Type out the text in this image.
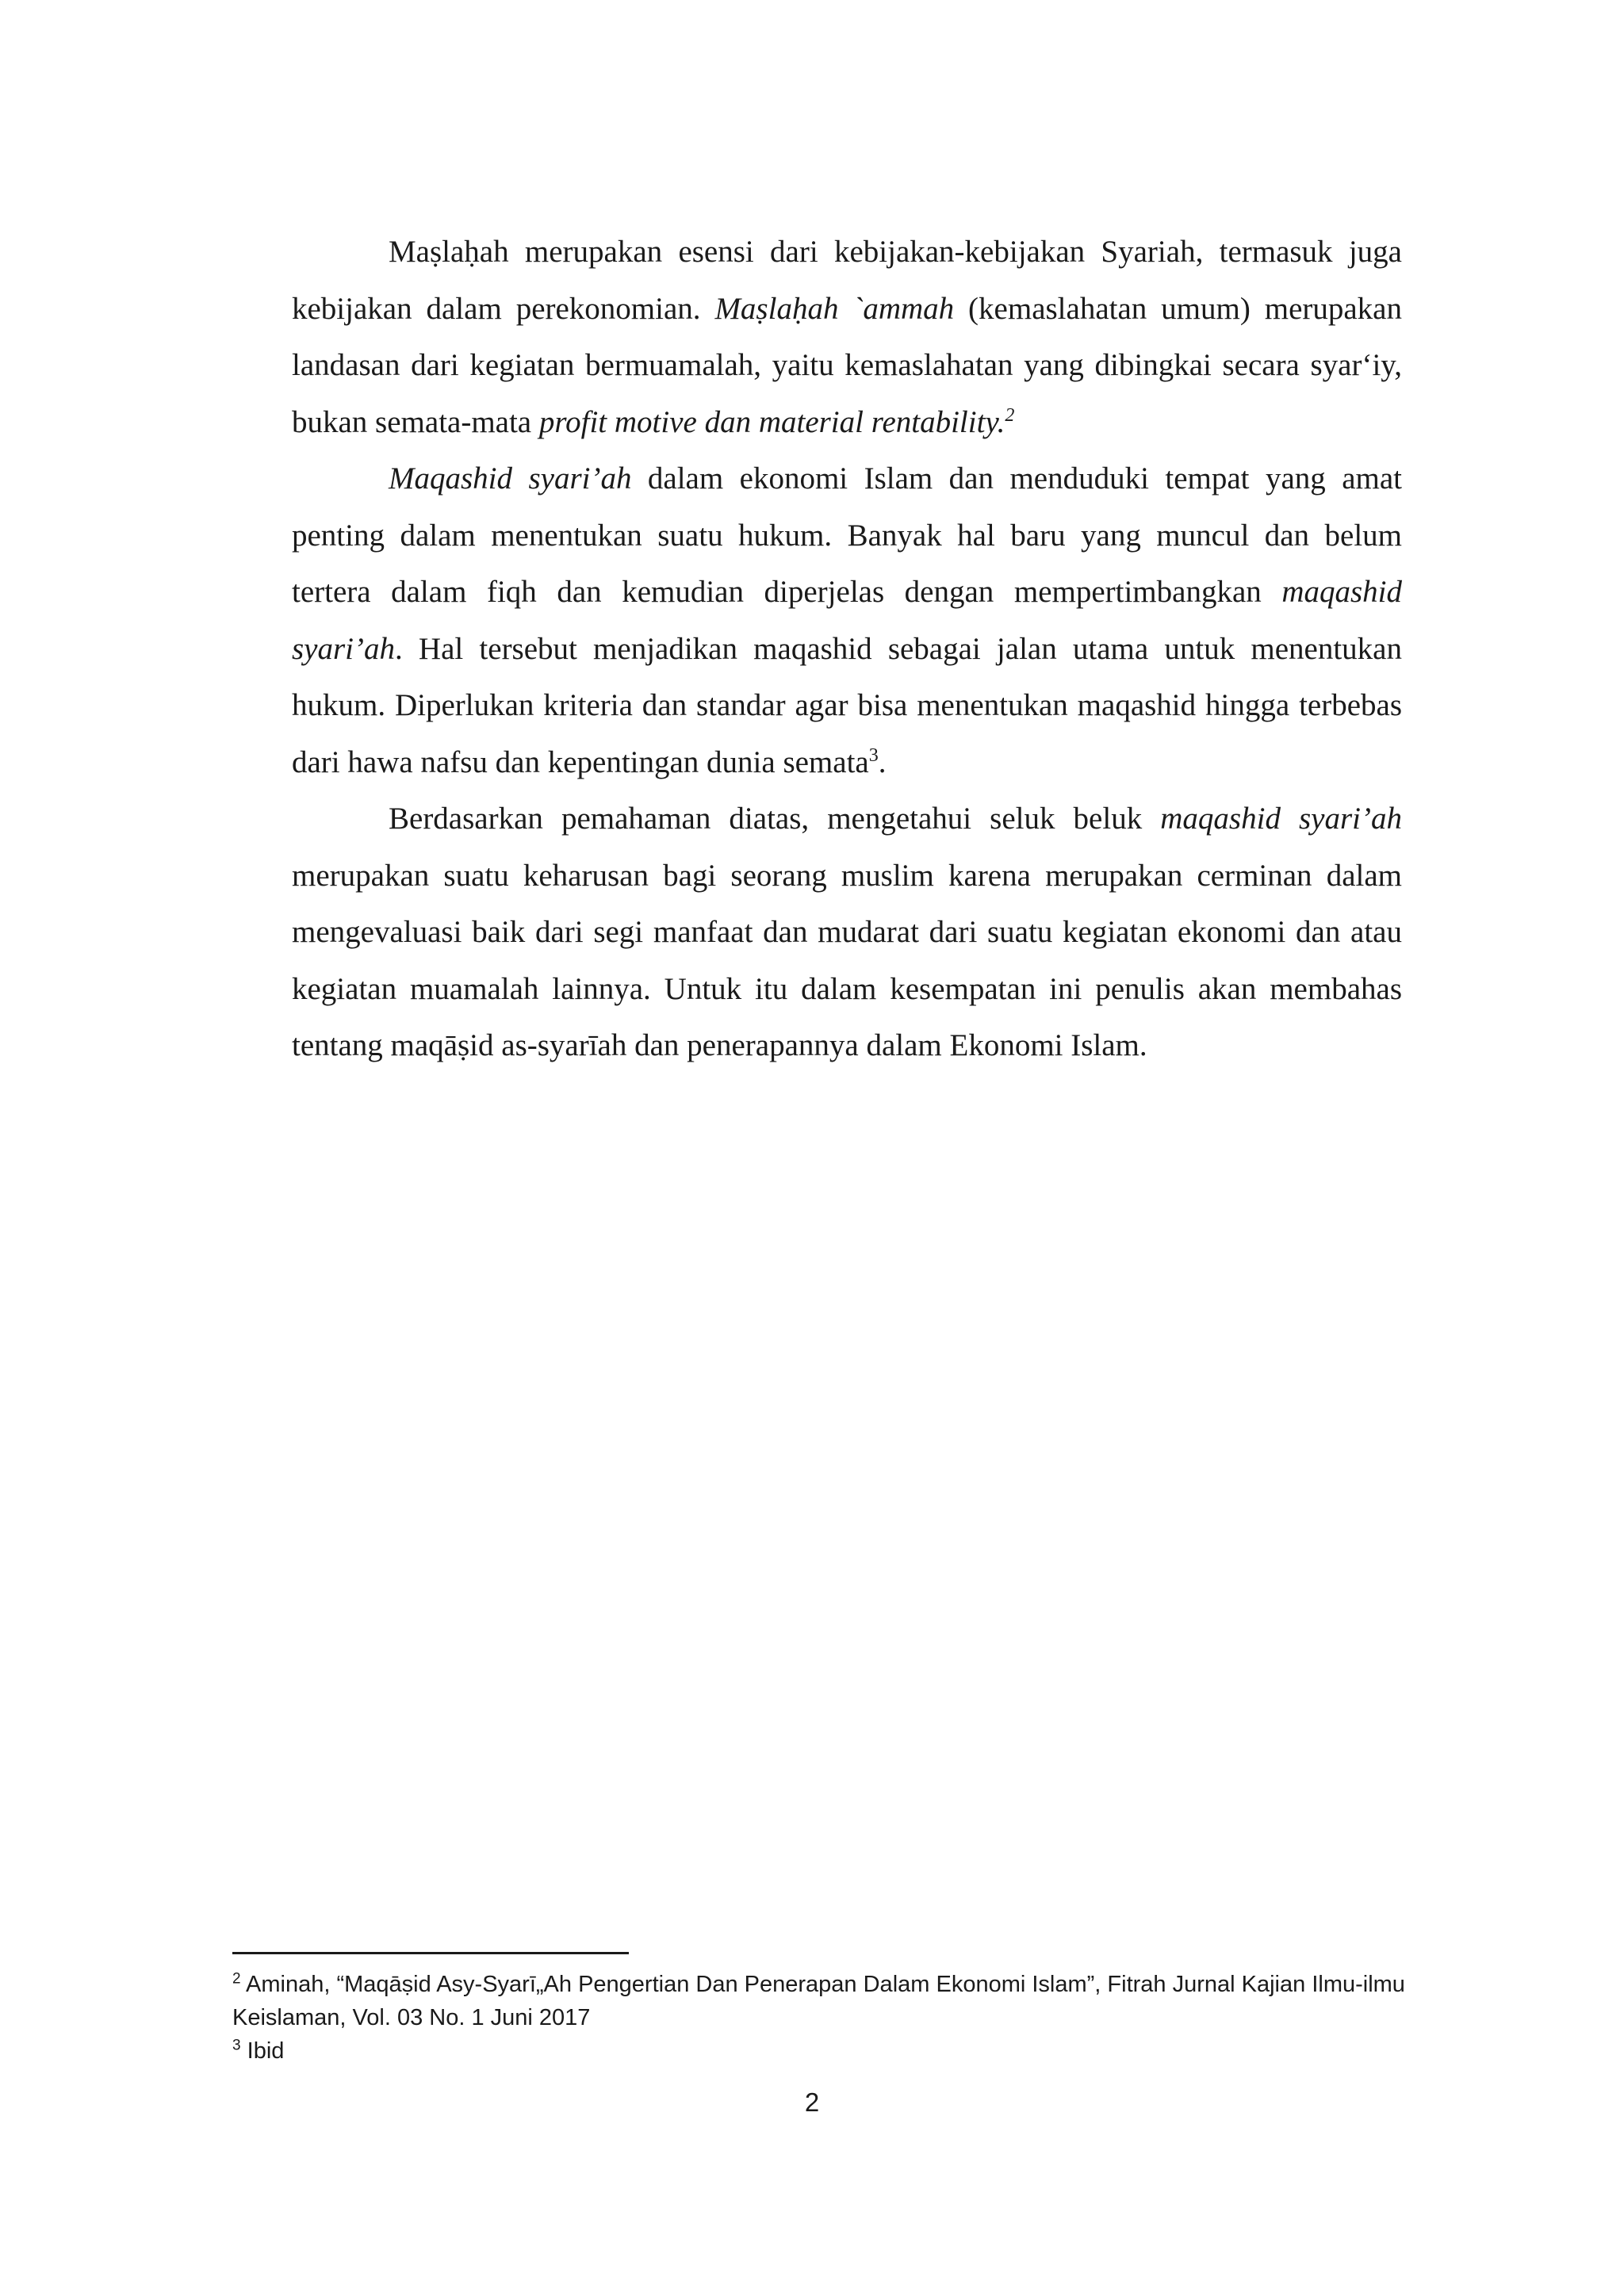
Maṣlaḥah merupakan esensi dari kebijakan-kebijakan Syariah, termasuk juga kebijakan dalam perekonomian. Maṣlaḥah `ammah (kemaslahatan umum) merupakan landasan dari kegiatan bermuamalah, yaitu kemaslahatan yang dibingkai secara syar‘iy, bukan semata-mata profit motive dan material rentability.$^2$

Maqashid syari’ah dalam ekonomi Islam dan menduduki tempat yang amat penting dalam menentukan suatu hukum. Banyak hal baru yang muncul dan belum tertera dalam fiqh dan kemudian diperjelas dengan mempertimbangkan maqashid syari’ah. Hal tersebut menjadikan maqashid sebagai jalan utama untuk menentukan hukum. Diperlukan kriteria dan standar agar bisa menentukan maqashid hingga terbebas dari hawa nafsu dan kepentingan dunia semata$^3$.

Berdasarkan pemahaman diatas, mengetahui seluk beluk maqashid syari’ah merupakan suatu keharusan bagi seorang muslim karena merupakan cerminan dalam mengevaluasi baik dari segi manfaat dan mudarat dari suatu kegiatan ekonomi dan atau kegiatan muamalah lainnya. Untuk itu dalam kesempatan ini penulis akan membahas tentang maqāṣid as-syarīah dan penerapannya dalam Ekonomi Islam.

$^2$ Aminah, “Maqāṣid Asy-Syarī„Ah Pengertian Dan Penerapan Dalam Ekonomi Islam”, Fitrah Jurnal Kajian Ilmu-ilmu Keislaman, Vol. 03 No. 1 Juni 2017

$^3$ Ibid

2
